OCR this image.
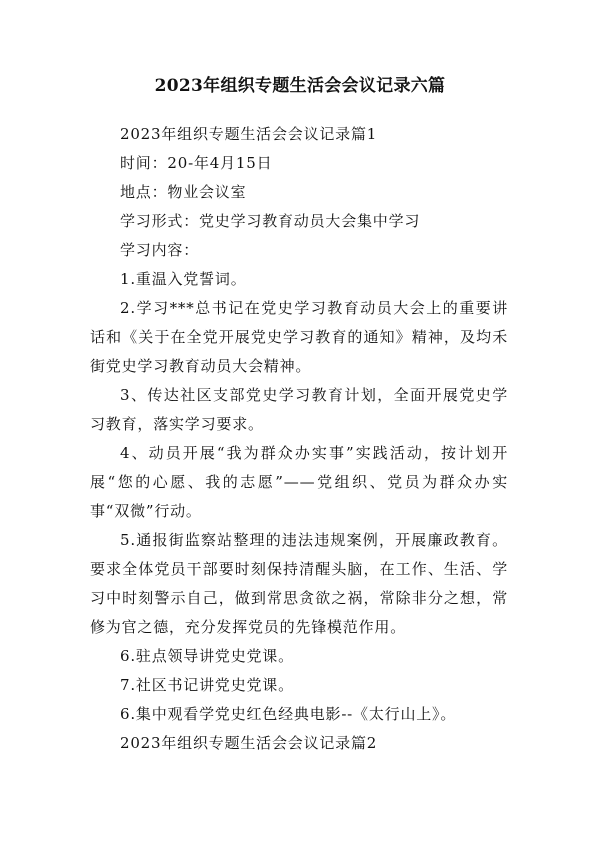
2023年组织专题生活会会议记录六篇

2023年组织专题生活会会议记录篇1

时间：20-年4月15日

地点：物业会议室

学习形式：党史学习教育动员大会集中学习

学习内容：

1.重温入党誓词。

2.学习***总书记在党史学习教育动员大会上的重要讲话和《关于在全党开展党史学习教育的通知》精神，及均禾街党史学习教育动员大会精神。

3、传达社区支部党史学习教育计划，全面开展党史学习教育，落实学习要求。

4、动员开展“我为群众办实事”实践活动，按计划开展“您的心愿、我的志愿”——党组织、党员为群众办实事“双微”行动。

5.通报街监察站整理的违法违规案例，开展廉政教育。要求全体党员干部要时刻保持清醒头脑，在工作、生活、学习中时刻警示自己，做到常思贪欲之祸，常除非分之想，常修为官之德，充分发挥党员的先锋模范作用。

6.驻点领导讲党史党课。

7.社区书记讲党史党课。

6.集中观看学党史红色经典电影--《太行山上》。

2023年组织专题生活会会议记录篇2
